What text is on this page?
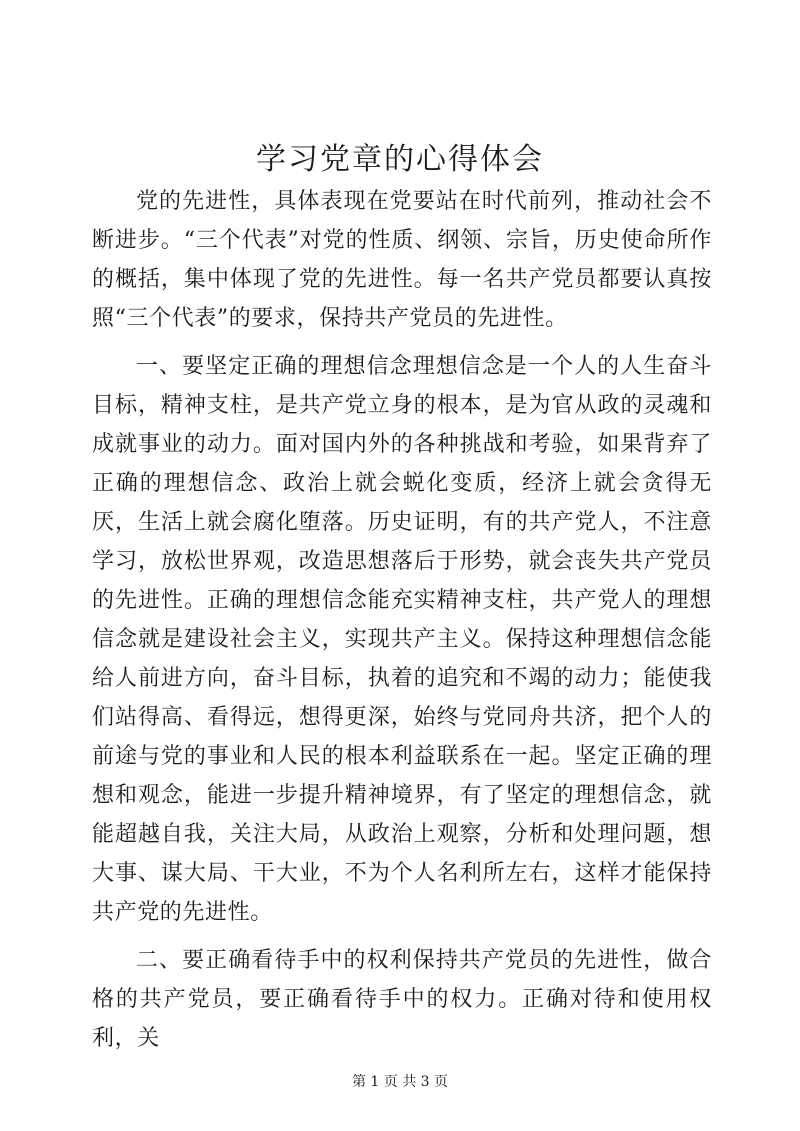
学习党章的心得体会

党的先进性，具体表现在党要站在时代前列，推动社会不断进步。“三个代表”对党的性质、纲领、宗旨，历史使命所作的概括，集中体现了党的先进性。每一名共产党员都要认真按照“三个代表”的要求，保持共产党员的先进性。

一、要坚定正确的理想信念理想信念是一个人的人生奋斗目标，精神支柱，是共产党立身的根本，是为官从政的灵魂和成就事业的动力。面对国内外的各种挑战和考验，如果背弃了正确的理想信念、政治上就会蜕化变质，经济上就会贪得无厌，生活上就会腐化堕落。历史证明，有的共产党人，不注意学习，放松世界观，改造思想落后于形势，就会丧失共产党员的先进性。正确的理想信念能充实精神支柱，共产党人的理想信念就是建设社会主义，实现共产主义。保持这种理想信念能给人前进方向，奋斗目标，执着的追究和不竭的动力；能使我们站得高、看得远，想得更深，始终与党同舟共济，把个人的前途与党的事业和人民的根本利益联系在一起。坚定正确的理想和观念，能进一步提升精神境界，有了坚定的理想信念，就能超越自我，关注大局，从政治上观察，分析和处理问题，想大事、谋大局、干大业，不为个人名利所左右，这样才能保持共产党的先进性。

二、要正确看待手中的权利保持共产党员的先进性，做合格的共产党员，要正确看待手中的权力。正确对待和使用权利，关

第 1 页 共 3 页
